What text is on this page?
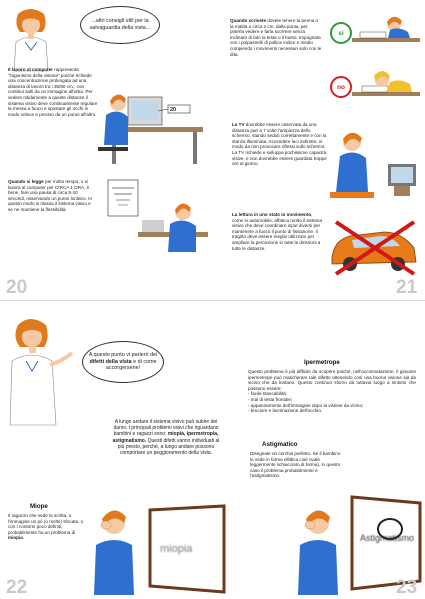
...altri consigli utili per la salvaguardia della vista...
Il lavoro al computer rappresenta "l'agonismo della visione" poiché richiede una concentrazione prolungata ad una distanza di lavoro tra i 35/80 cm., con continui salti da un immagine all'altra. Per vedere nitidamente a queste distanze il sistema visivo deve continuamente regolare la messa a fuoco e spostare gli occhi in modo veloce e preciso da un punto all'altro.
20
Quando si legge per molto tempo, o si lavora al computer per CIRCA 1 ORA, è bene, fare una pausa di circa 5-10 secondi, osservando un punto lontano. In questo modo si rilassa il sistema visivo e se ne mantiene la flessibilità.
Quando scrivete dovete tenere la penna o la matita a circa 2 cm. dalla punta, per poterla vedere e farla scorrere senza inclinare di lato la testa o il busto. Impugnata con i polpastrelli di pollice indice e medio compiendo i movimenti necessari solo con le dita.
sì
no
La TV dovrebbe essere osservata da una distanza pari a 7 volte l'ampiezza dello schermo, stando seduti correttamente e con la stanza illuminata. Accendere luci indirette, in modo da non provocare riflessi sullo schermo. La TV richiede e sviluppa pochissime capacità visive, e non dovrebbe essere guardata troppe ore al giorno.
La lettura in uno stato in movimento, come in automobile, affatica molto il sistema visivo che deve coordinare input diversi per mantenere a fuoco il punto di fissazione. Il tragitto deve essere meglio utilizzato per ampliare la percezione in tutte le direzioni a tutte le distanze.
20	21
A questo punto vi parlerò dei difetti della vista e di come accorgersene!
A lungo andare il sistema visivo può subire dei danni. I principali problemi visivi che riguardano bambini e ragazzi sono: miopia, ipermetropia, astigmatismo. Questi difetti vanno individuati al più presto, perché, a lungo andare possono comportare un peggioramento della vista.
Miope
Il ragazzo che vede la scritta, o l'immagine un pò (o molto) sfocata, o con i contorni poco definiti, probabilmente ha un problema di miopia.
miopia
Ipermetrope
Questo problema è più difficile da scoprire poiché, nell'accomodazione, il giovane ipermetrope può mascherare tale difetto ottenendo così una buona visione sia da vicino che da lontano. Questo continuo sforzo dà tuttavia luogo a sintomi che possono essere:
- facile stancabilità;
- mal di testa frontale;
- appannamento dell'immagine dopo la visione da vicino;
- bruciore e lacrimazione dell'occhio.
Astigmatico
Disegnate un cerchio perfetto. Se il bambino lo vede in forma ellittica cioè ovale leggermente schiacciato di forma), in questo caso il problema probabilmente è l'astigmatismo.
Astigmatismo
22	23
